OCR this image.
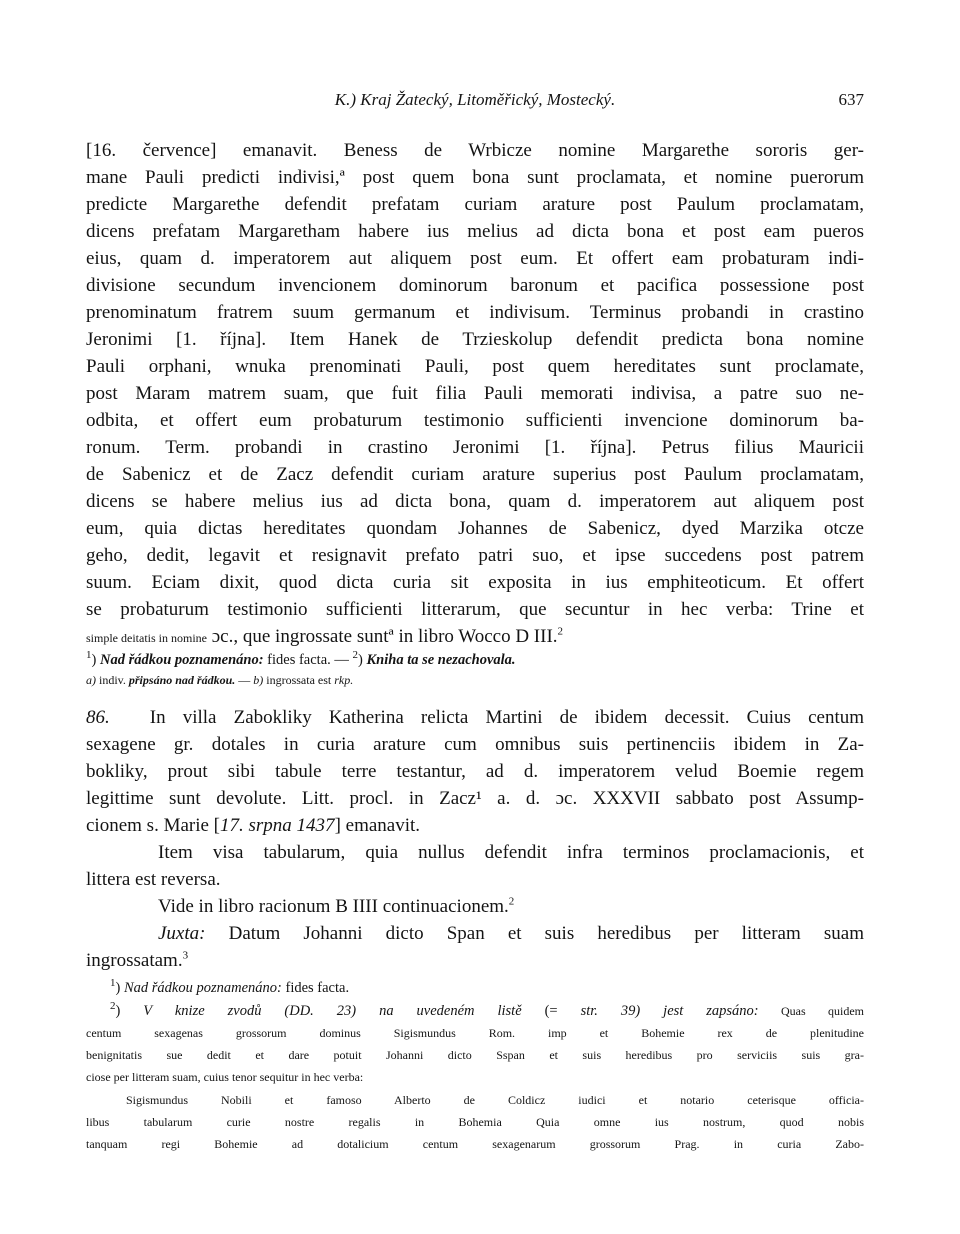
K.) Kraj Žatecký, Litoměřický, Mostecký.	637
[16. července] emanavit. Beness de Wrbicze nomine Margarethe sororis ger-
mane Pauli predicti indivisi,ª post quem bona sunt proclamata, et nomine puerorum
predicte Margarethe defendit prefatam curiam arature post Paulum proclamatam,
dicens prefatam Margaretham habere ius melius ad dicta bona et post eam pueros
eius, quam d. imperatorem aut aliquem post eum. Et offert eam probaturam indi-
divisione secundum invencionem dominorum baronum et pacifica possessione post
prenominatum fratrem suum germanum et indivisum. Terminus probandi in crastino
Jeronimi [1. října]. Item Hanek de Trzieskolup defendit predicta bona nomine
Pauli orphani, wnuka prenominati Pauli, post quem hereditates sunt proclamate,
post Maram matrem suam, que fuit filia Pauli memorati indivisa, a patre suo ne-
odbita, et offert eum probaturum testimonio sufficienti invencione dominorum ba-
ronum. Term. probandi in crastino Jeronimi [1. října]. Petrus filius Mauricii
de Sabenicz et de Zacz defendit curiam arature superius post Paulum proclamatam,
dicens se habere melius ius ad dicta bona, quam d. imperatorem aut aliquem post
eum, quia dictas hereditates quondam Johannes de Sabenicz, dyed Marzika otcze
geho, dedit, legavit et resignavit prefato patri suo, et ipse succedens post patrem
suum. Eciam dixit, quod dicta curia sit exposita in ius emphiteoticum. Et offert
se probaturum testimonio sufficienti litterarum, que secuntur in hec verba: Trine et
simple deitatis in nomine ɔc., que ingrossate suntª in libro Wocco D III.$^2$
$^1$) Nad řádkou poznamenáno: fides facta. — $^2$) Kniha ta se nezachovala.
a) indiv. připsáno nad řádkou. — b) ingrossata est rkp.
86. In villa Zabokliky Katherina relicta Martini de ibidem decessit. Cuius centum
sexagene gr. dotales in curia arature cum omnibus suis pertinenciis ibidem in Za-
bokliky, prout sibi tabule terre testantur, ad d. imperatorem velud Boemie regem
legittime sunt devolute. Litt. procl. in Zacz¹ a. d. ɔc. XXXVII sabbato post Assump-
cionem s. Marie [17. srpna 1437] emanavit.
Item visa tabularum, quia nullus defendit infra terminos proclamacionis, et
littera est reversa.
Vide in libro racionum B IIII continuacionem.$^2$
Juxta: Datum Johanni dicto Span et suis heredibus per litteram suam
ingrossatam.$^3$
$^1$) Nad řádkou poznamenáno: fides facta.
$^2$) V knize zvodů (DD. 23) na uvedeném listě (= str. 39) jest zapsáno: Quas quidem
centum sexagenas grossorum dominus Sigismundus Rom. imp et Bohemie rex de plenitudine
benignitatis sue dedit et dare potuit Johanni dicto Sspan et suis heredibus pro serviciis suis gra-
ciose per litteram suam, cuius tenor sequitur in hec verba:
Sigismundus Nobili et famoso Alberto de Coldicz iudici et notario ceterisque officia-
libus tabularum curie nostre regalis in Bohemia Quia omne ius nostrum, quod nobis
tanquam regi Bohemie ad dotalicium centum sexagenarum grossorum Prag. in curia Zabo-
